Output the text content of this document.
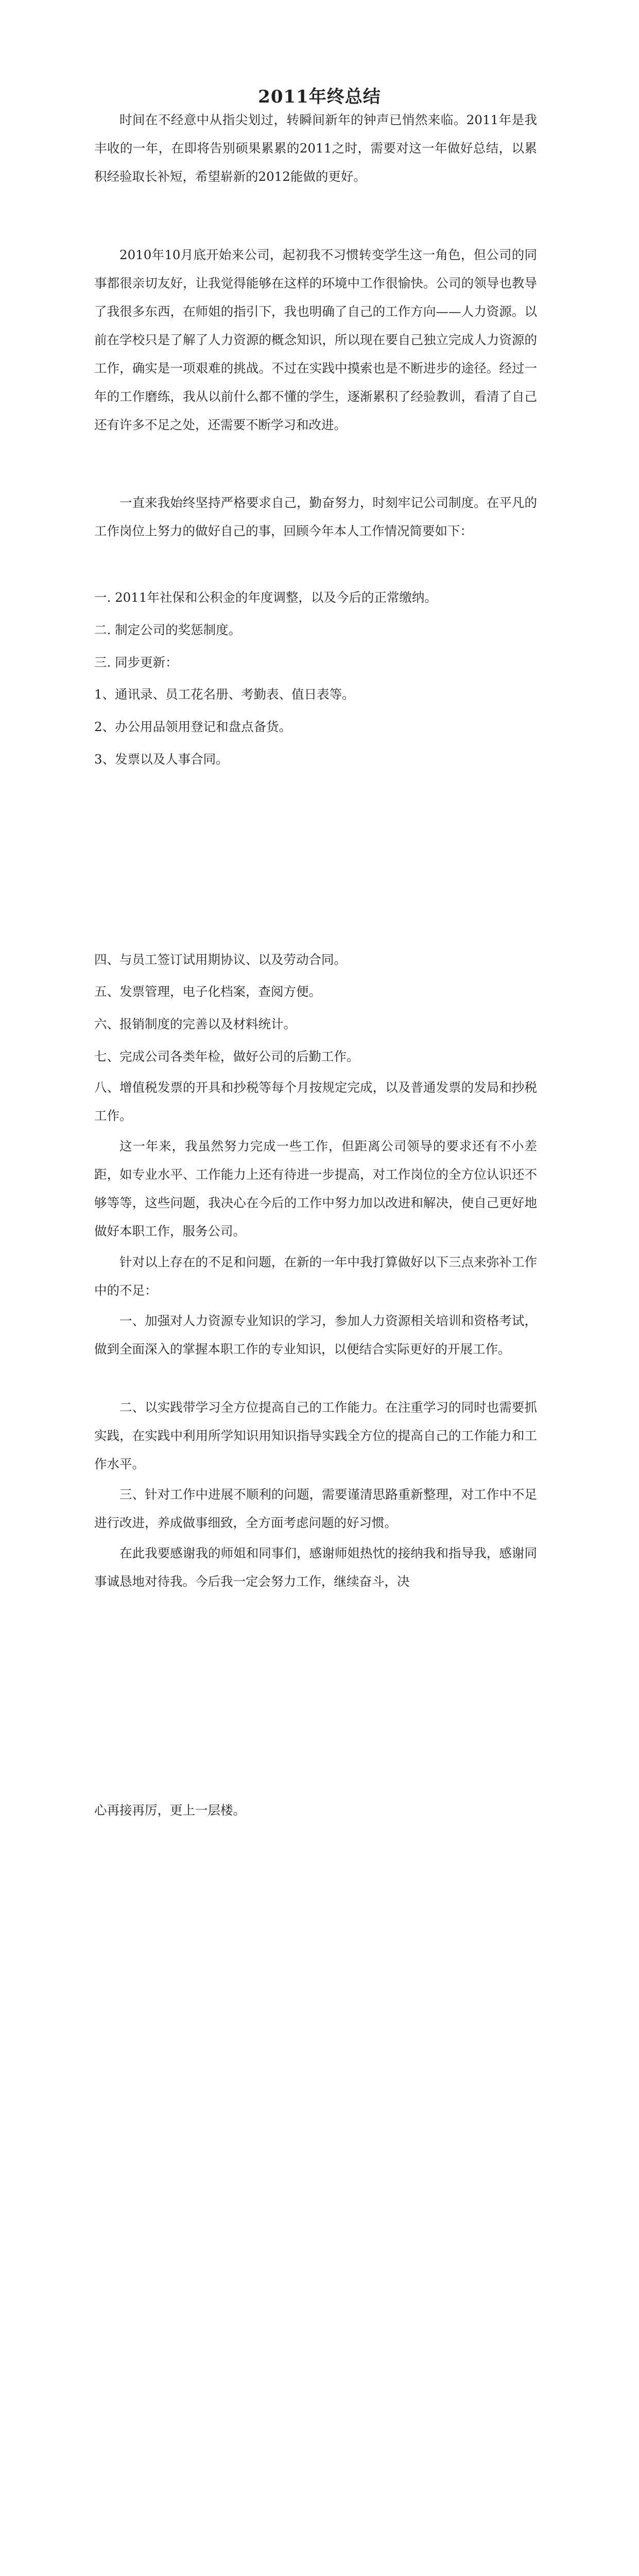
2011年终总结
时间在不经意中从指尖划过，转瞬间新年的钟声已悄然来临。2011年是我丰收的一年，在即将告别硕果累累的2011之时，需要对这一年做好总结，以累积经验取长补短，希望崭新的2012能做的更好。
2010年10月底开始来公司，起初我不习惯转变学生这一角色，但公司的同事都很亲切友好，让我觉得能够在这样的环境中工作很愉快。公司的领导也教导了我很多东西，在师姐的指引下，我也明确了自己的工作方向——人力资源。以前在学校只是了解了人力资源的概念知识，所以现在要自己独立完成人力资源的工作，确实是一项艰难的挑战。不过在实践中摸索也是不断进步的途径。经过一年的工作磨练，我从以前什么都不懂的学生，逐渐累积了经验教训，看清了自己还有许多不足之处，还需要不断学习和改进。
一直来我始终坚持严格要求自己，勤奋努力，时刻牢记公司制度。在平凡的工作岗位上努力的做好自己的事，回顾今年本人工作情况简要如下：
一. 2011年社保和公积金的年度调整，以及今后的正常缴纳。
二. 制定公司的奖惩制度。
三. 同步更新：
1、通讯录、员工花名册、考勤表、值日表等。
2、办公用品领用登记和盘点备货。
3、发票以及人事合同。
四、与员工签订试用期协议、以及劳动合同。
五、发票管理，电子化档案，查阅方便。
六、报销制度的完善以及材料统计。
七、完成公司各类年检，做好公司的后勤工作。
八、增值税发票的开具和抄税等每个月按规定完成，以及普通发票的发局和抄税工作。
这一年来，我虽然努力完成一些工作，但距离公司领导的要求还有不小差距，如专业水平、工作能力上还有待进一步提高，对工作岗位的全方位认识还不够等等，这些问题，我决心在今后的工作中努力加以改进和解决，使自己更好地做好本职工作，服务公司。
针对以上存在的不足和问题，在新的一年中我打算做好以下三点来弥补工作中的不足：
一、加强对人力资源专业知识的学习，参加人力资源相关培训和资格考试，做到全面深入的掌握本职工作的专业知识，以便结合实际更好的开展工作。
二、以实践带学习全方位提高自己的工作能力。在注重学习的同时也需要抓实践，在实践中利用所学知识用知识指导实践全方位的提高自己的工作能力和工作水平。
三、针对工作中进展不顺利的问题，需要谨清思路重新整理，对工作中不足进行改进，养成做事细致，全方面考虑问题的好习惯。
在此我要感谢我的师姐和同事们，感谢师姐热忱的接纳我和指导我，感谢同事诚恳地对待我。今后我一定会努力工作，继续奋斗，决
心再接再厉，更上一层楼。
